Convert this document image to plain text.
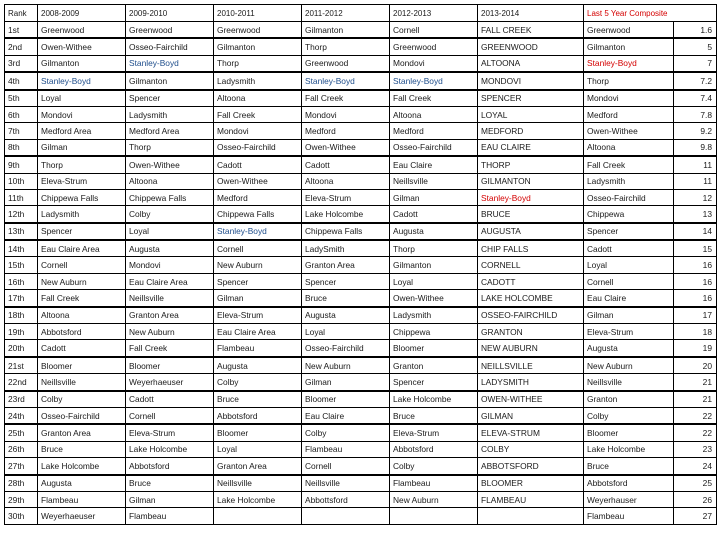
Rank	2008-2009	2009-2010	2010-2011	2011-2012	2012-2013	2013-2014	Last 5 Year Composite	
1st	Greenwood	Greenwood	Greenwood	Gilmanton	Cornell	FALL CREEK	Greenwood	1.6
2nd	Owen-Withee	Osseo-Fairchild	Gilmanton	Thorp	Greenwood	GREENWOOD	Gilmanton	5
3rd	Gilmanton	Stanley-Boyd	Thorp	Greenwood	Mondovi	ALTOONA	Stanley-Boyd	7
4th	Stanley-Boyd	Gilmanton	Ladysmith	Stanley-Boyd	Stanley-Boyd	MONDOVI	Thorp	7.2
5th	Loyal	Spencer	Altoona	Fall Creek	Fall Creek	SPENCER	Mondovi	7.4
6th	Mondovi	Ladysmith	Fall Creek	Mondovi	Altoona	LOYAL	Medford	7.8
7th	Medford Area	Medford Area	Mondovi	Medford	Medford	MEDFORD	Owen-Withee	9.2
8th	Gilman	Thorp	Osseo-Fairchild	Owen-Withee	Osseo-Fairchild	EAU CLAIRE	Altoona	9.8
9th	Thorp	Owen-Withee	Cadott	Cadott	Eau Claire	THORP	Fall Creek	11
10th	Eleva-Strum	Altoona	Owen-Withee	Altoona	Neillsville	GILMANTON	Ladysmith	11
11th	Chippewa Falls	Chippewa Falls	Medford	Eleva-Strum	Gilman	Stanley-Boyd	Osseo-Fairchild	12
12th	Ladysmith	Colby	Chippewa Falls	Lake Holcombe	Cadott	BRUCE	Chippewa	13
13th	Spencer	Loyal	Stanley-Boyd	Chippewa Falls	Augusta	AUGUSTA	Spencer	14
14th	Eau Claire Area	Augusta	Cornell	LadySmith	Thorp	CHIP FALLS	Cadott	15
15th	Cornell	Mondovi	New Auburn	Granton Area	Gilmanton	CORNELL	Loyal	16
16th	New Auburn	Eau Claire Area	Spencer	Spencer	Loyal	CADOTT	Cornell	16
17th	Fall Creek	Neillsville	Gilman	Bruce	Owen-Withee	LAKE HOLCOMBE	Eau Claire	16
18th	Altoona	Granton Area	Eleva-Strum	Augusta	Ladysmith	OSSEO-FAIRCHILD	Gilman	17
19th	Abbotsford	New Auburn	Eau Claire Area	Loyal	Chippewa	GRANTON	Eleva-Strum	18
20th	Cadott	Fall Creek	Flambeau	Osseo-Fairchild	Bloomer	NEW AUBURN	Augusta	19
21st	Bloomer	Bloomer	Augusta	New Auburn	Granton	NEILLSVILLE	New Auburn	20
22nd	Neillsville	Weyerhaeuser	Colby	Gilman	Spencer	LADYSMITH	Neillsville	21
23rd	Colby	Cadott	Bruce	Bloomer	Lake Holcombe	OWEN-WITHEE	Granton	21
24th	Osseo-Fairchild	Cornell	Abbotsford	Eau Claire	Bruce	GILMAN	Colby	22
25th	Granton Area	Eleva-Strum	Bloomer	Colby	Eleva-Strum	ELEVA-STRUM	Bloomer	22
26th	Bruce	Lake Holcombe	Loyal	Flambeau	Abbotsford	COLBY	Lake Holcombe	23
27th	Lake Holcombe	Abbotsford	Granton Area	Cornell	Colby	ABBOTSFORD	Bruce	24
28th	Augusta	Bruce	Neillsville	Neillsville	Flambeau	BLOOMER	Abbotsford	25
29th	Flambeau	Gilman	Lake Holcombe	Abbottsford	New Auburn	FLAMBEAU	Weyerhauser	26
30th	Weyerhaeuser	Flambeau					Flambeau	27
